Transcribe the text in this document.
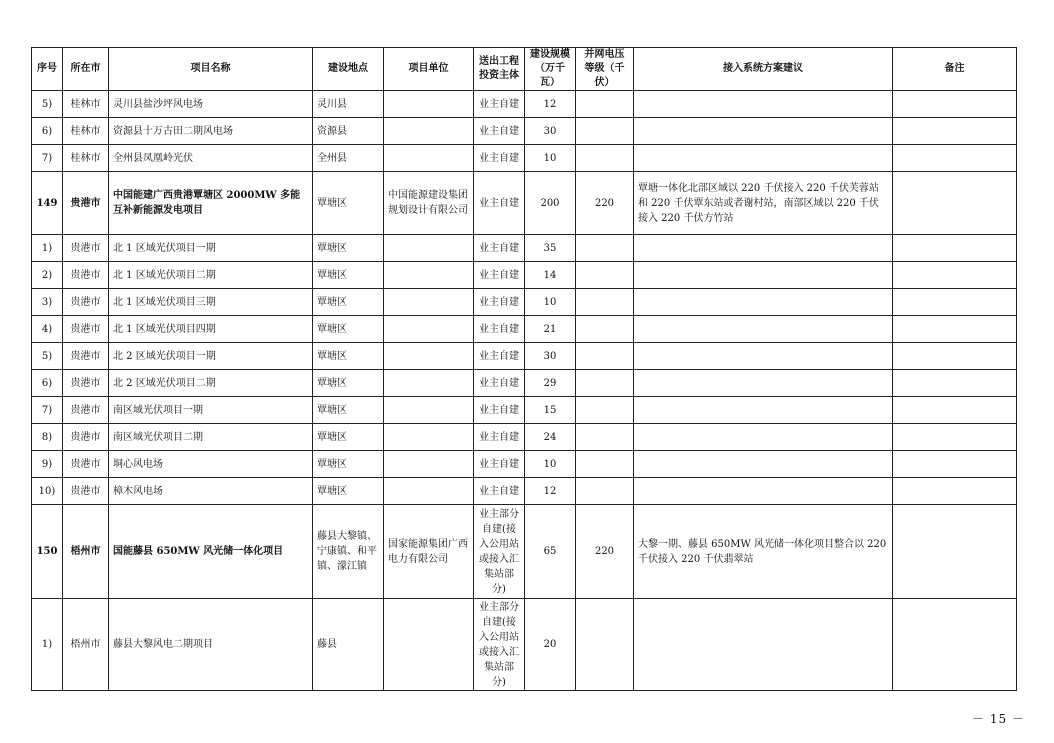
序号	所在市	项目名称	建设地点	项目单位	送出工程投资主体	建设规模（万千瓦）	并网电压等级（千伏）	接入系统方案建议	备注
5)	桂林市	灵川县盐沙坪风电场	灵川县		业主自建	12			
6)	桂林市	资源县十万古田二期风电场	资源县		业主自建	30			
7)	桂林市	全州县凤凰岭光伏	全州县		业主自建	10			
149	贵港市	中国能建广西贵港覃塘区 2000MW 多能互补新能源发电项目	覃塘区	中国能源建设集团规划设计有限公司	业主自建	200	220	覃塘一体化北部区域以 220 千伏接入 220 千伏芙蓉站和 220 千伏覃东站或者谢村站，南部区域以 220 千伏接入 220 千伏方竹站	
1)	贵港市	北 1 区域光伏项目一期	覃塘区		业主自建	35			
2)	贵港市	北 1 区域光伏项目二期	覃塘区		业主自建	14			
3)	贵港市	北 1 区域光伏项目三期	覃塘区		业主自建	10			
4)	贵港市	北 1 区域光伏项目四期	覃塘区		业主自建	21			
5)	贵港市	北 2 区域光伏项目一期	覃塘区		业主自建	30			
6)	贵港市	北 2 区域光伏项目二期	覃塘区		业主自建	29			
7)	贵港市	南区域光伏项目一期	覃塘区		业主自建	15			
8)	贵港市	南区域光伏项目二期	覃塘区		业主自建	24			
9)	贵港市	垌心风电场	覃塘区		业主自建	10			
10)	贵港市	樟木风电场	覃塘区		业主自建	12			
150	梧州市	国能藤县 650MW 风光储一体化项目	藤县大黎镇、宁康镇、和平镇、濛江镇	国家能源集团广西电力有限公司	业主部分自建(接入公用站或接入汇集站部分)	65	220	大黎一期、藤县 650MW 风光储一体化项目整合以 220 千伏接入 220 千伏翡翠站	
1)	梧州市	藤县大黎风电二期项目	藤县		业主部分自建(接入公用站或接入汇集站部分)	20			
－ 15 －
